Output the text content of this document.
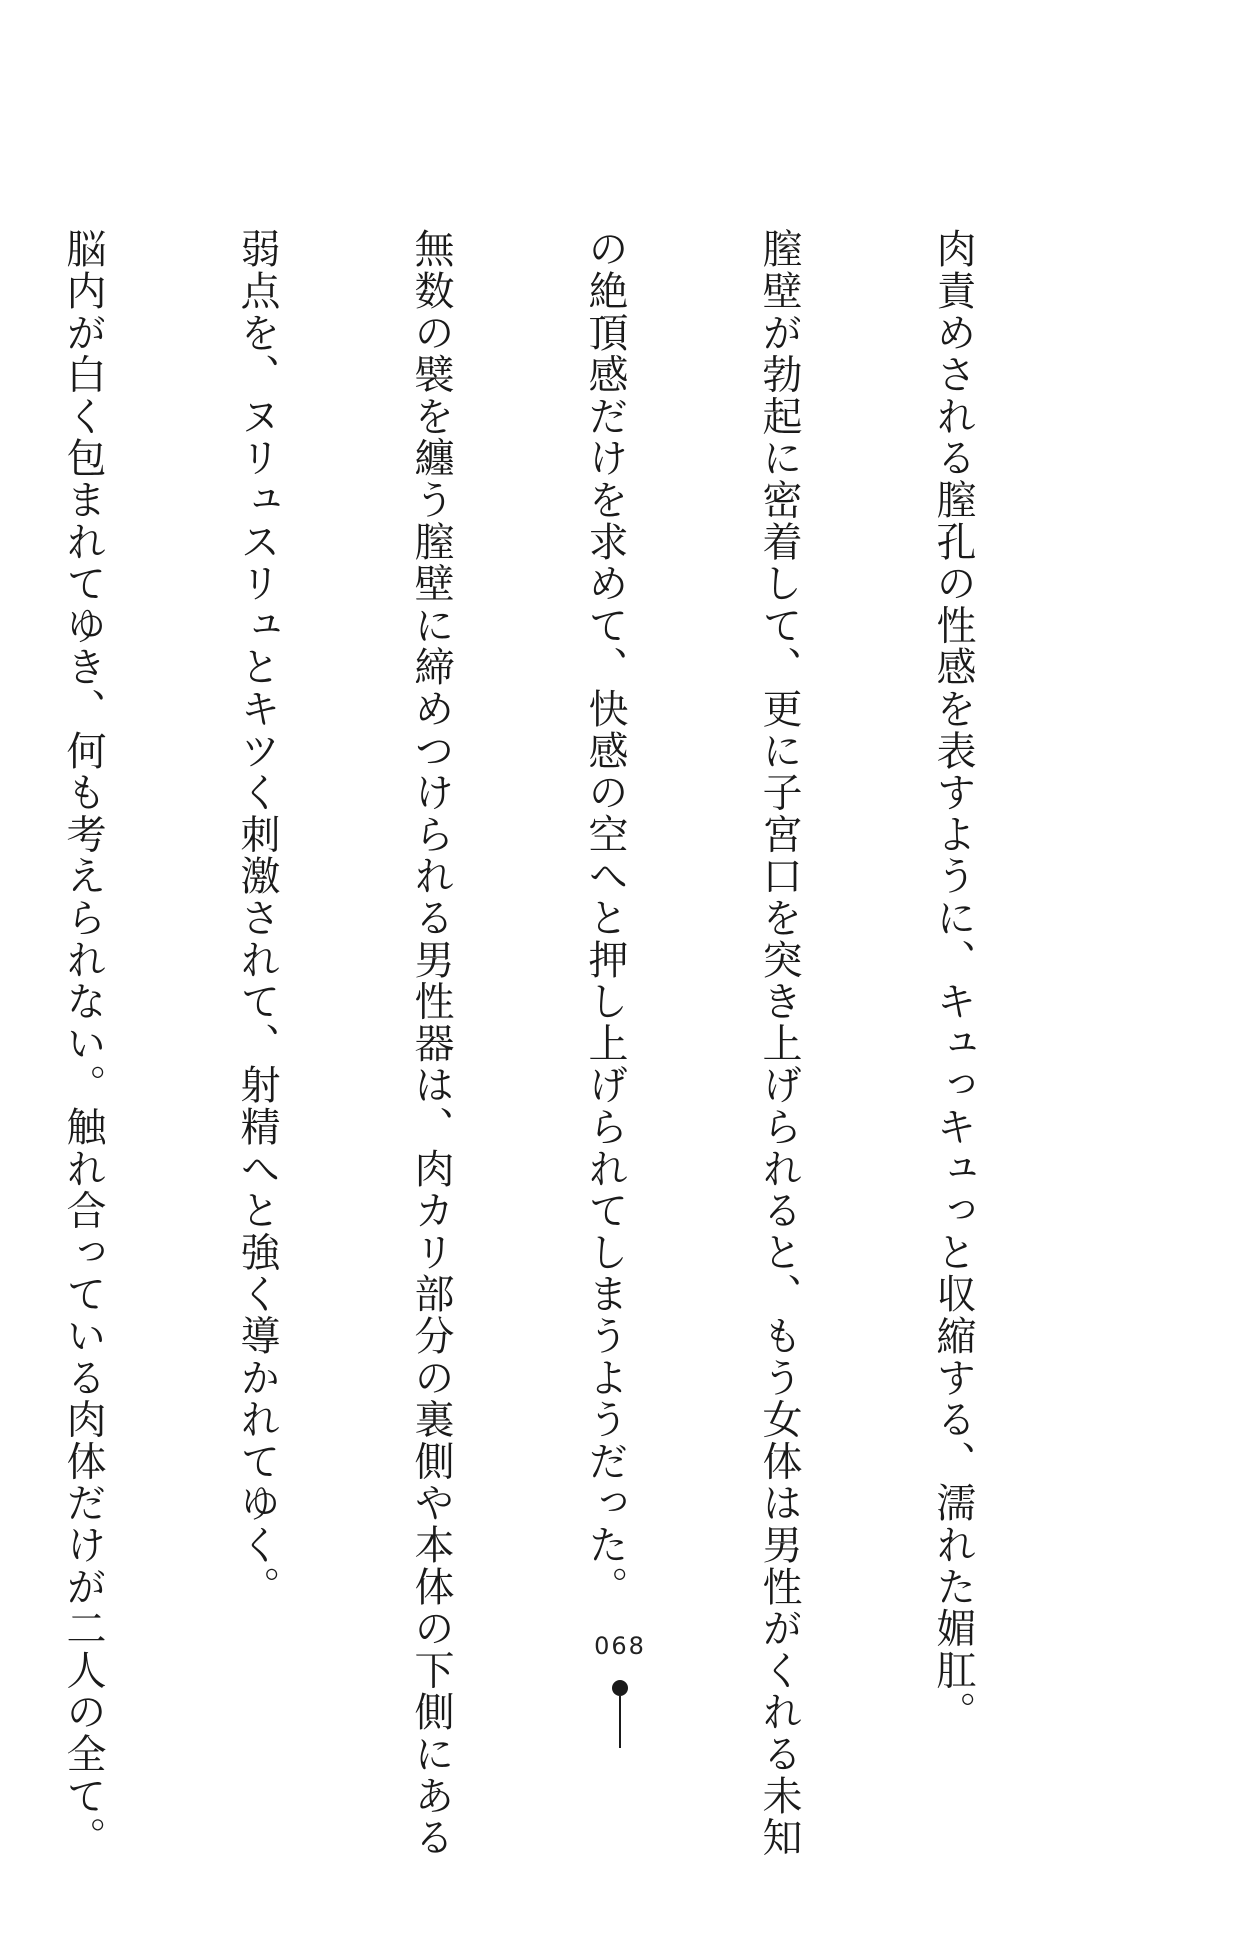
肉責めされる膣孔の性感を表すように、キュっキュっと収縮する、濡れた媚肛。

膣壁が勃起に密着して、更に子宮口を突き上げられると、もう女体は男性がくれる未知

の絶頂感だけを求めて、快感の空へと押し上げられてしまうようだった。

無数の襞を纏う膣壁に締めつけられる男性器は、肉カリ部分の裏側や本体の下側にある

弱点を、ヌリュスリュとキツく刺激されて、射精へと強く導かれてゆく。

脳内が白く包まれてゆき、何も考えられない。触れ合っている肉体だけが二人の全て。

	068
